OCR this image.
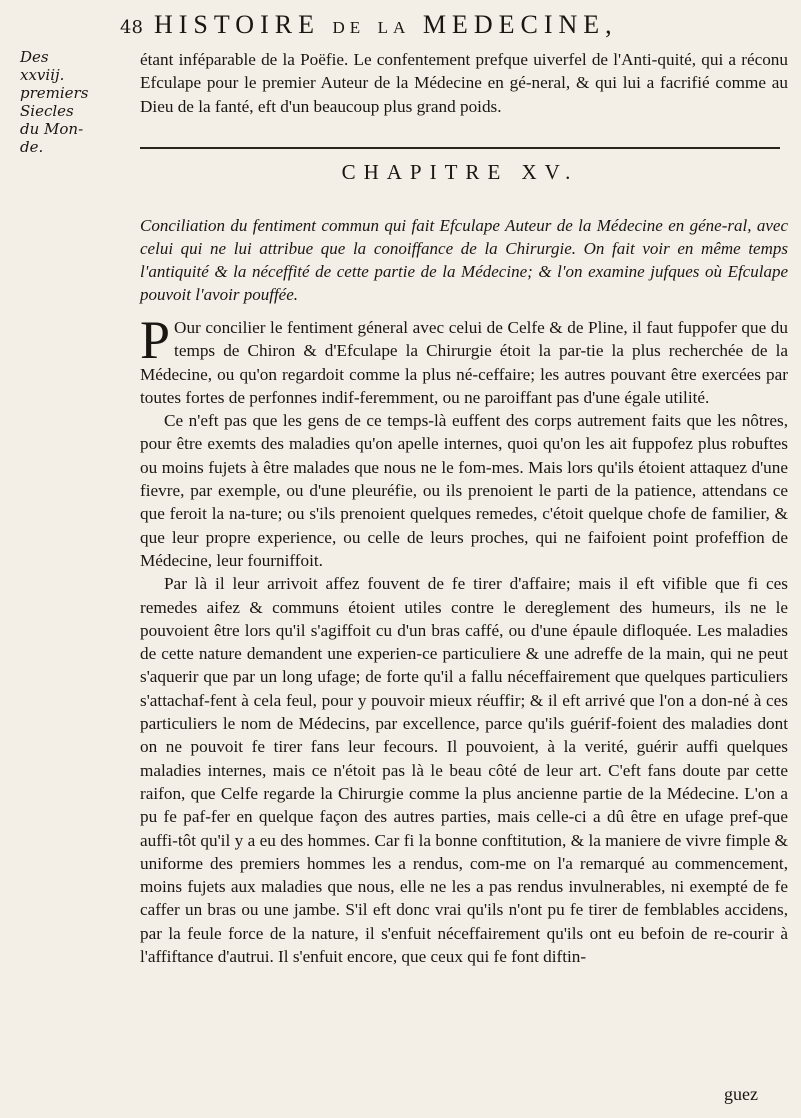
48 HISTOIRE DE LA MEDECINE,
Des
xxviij.
premiers
Siecles
du Mon-
de.
étant inféparable de la Poëfie. Le confentement prefque uiverfel de l'Anti-quité, qui a réconu Efculape pour le premier Auteur de la Médecine en gé-neral, & qui lui a facrifié comme au Dieu de la fanté, eft d'un beaucoup plus grand poids.
CHAPITRE XV.
Conciliation du fentiment commun qui fait Efculape Auteur de la Médecine en géne-ral, avec celui qui ne lui attribue que la conoiffance de la Chirurgie. On fait voir en même temps l'antiquité & la néceffité de cette partie de la Médecine; & l'on examine jufques où Efculape pouvoit l'avoir pouffée.

P Our concilier le fentiment géneral avec celui de Celfe & de Pline, il faut fuppofer que du temps de Chiron & d'Efculape la Chirurgie étoit la par-tie la plus recherchée de la Médecine, ou qu'on regardoit comme la plus né-ceffaire; les autres pouvant être exercées par toutes fortes de perfonnes indif-feremment, ou ne paroiffant pas d'une égale utilité.

Ce n'eft pas que les gens de ce temps-là euffent des corps autrement faits que les nôtres, pour être exemts des maladies qu'on apelle internes, quoi qu'on les ait fuppofez plus robuftes ou moins fujets à être malades que nous ne le fom-mes. Mais lors qu'ils étoient attaquez d'une fievre, par exemple, ou d'une pleuréfie, ou ils prenoient le parti de la patience, attendans ce que feroit la na-ture; ou s'ils prenoient quelques remedes, c'étoit quelque chofe de familier, & que leur propre experience, ou celle de leurs proches, qui ne faifoient point profeffion de Médecine, leur fourniffoit.

Par là il leur arrivoit affez fouvent de fe tirer d'affaire; mais il eft vifible que fi ces remedes aifez & communs étoient utiles contre le dereglement des humeurs, ils ne le pouvoient être lors qu'il s'agiffoit cu d'un bras caffé, ou d'une épaule difloquée. Les maladies de cette nature demandent une experien-ce particuliere & une adreffe de la main, qui ne peut s'aquerir que par un long ufage; de forte qu'il a fallu néceffairement que quelques particuliers s'attachaf-fent à cela feul, pour y pouvoir mieux réuffir; & il eft arrivé que l'on a don-né à ces particuliers le nom de Médecins, par excellence, parce qu'ils guérif-foient des maladies dont on ne pouvoit fe tirer fans leur fecours. Il pouvoient, à la verité, guérir auffi quelques maladies internes, mais ce n'étoit pas là le beau côté de leur art. C'eft fans doute par cette raifon, que Celfe regarde la Chirurgie comme la plus ancienne partie de la Médecine. L'on a pu fe paf-fer en quelque façon des autres parties, mais celle-ci a dû être en ufage pref-que auffi-tôt qu'il y a eu des hommes. Car fi la bonne conftitution, & la maniere de vivre fimple & uniforme des premiers hommes les a rendus, com-me on l'a remarqué au commencement, moins fujets aux maladies que nous, elle ne les a pas rendus invulnerables, ni exempté de fe caffer un bras ou une jambe. S'il eft donc vrai qu'ils n'ont pu fe tirer de femblables accidens, par la feule force de la nature, il s'enfuit néceffairement qu'ils ont eu befoin de re-courir à l'affiftance d'autrui. Il s'enfuit encore, que ceux qui fe font diftin-

guez
